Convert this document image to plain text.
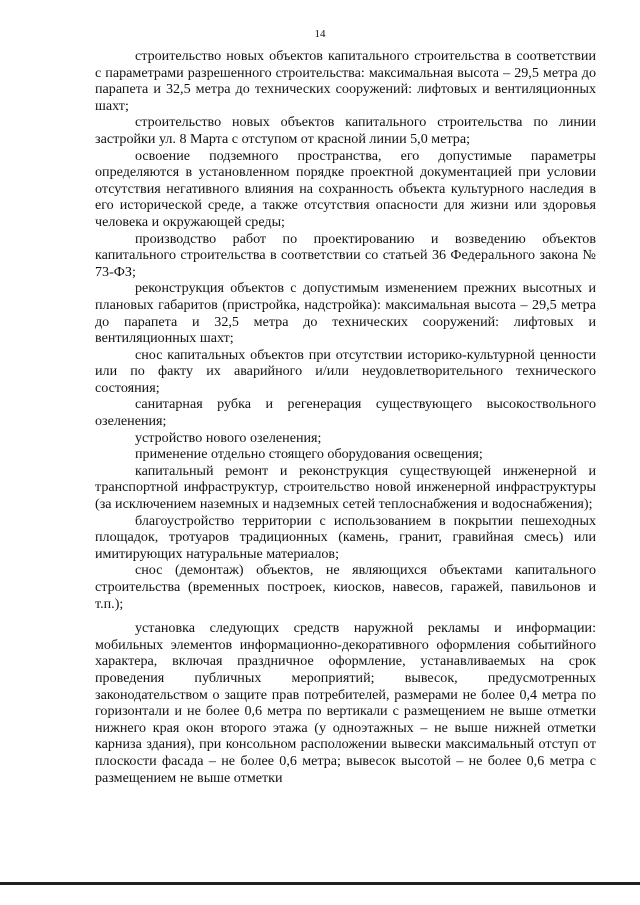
14

строительство новых объектов капитального строительства в соответствии с параметрами разрешенного строительства: максимальная высота – 29,5 метра до парапета и 32,5 метра до технических сооружений: лифтовых и вентиляционных шахт;

строительство новых объектов капитального строительства по линии застройки ул. 8 Марта с отступом от красной линии 5,0 метра;

освоение подземного пространства, его допустимые параметры определяются в установленном порядке проектной документацией при условии отсутствия негативного влияния на сохранность объекта культурного наследия в его исторической среде, а также отсутствия опасности для жизни или здоровья человека и окружающей среды;

производство работ по проектированию и возведению объектов капитального строительства в соответствии со статьей 36 Федерального закона № 73-ФЗ;

реконструкция объектов с допустимым изменением прежних высотных и плановых габаритов (пристройка, надстройка): максимальная высота – 29,5 метра до парапета и 32,5 метра до технических сооружений: лифтовых и вентиляционных шахт;

снос капитальных объектов при отсутствии историко-культурной ценности или по факту их аварийного и/или неудовлетворительного технического состояния;

санитарная рубка и регенерация существующего высокоствольного озеленения;

устройство нового озеленения;

применение отдельно стоящего оборудования освещения;

капитальный ремонт и реконструкция существующей инженерной и транспортной инфраструктур, строительство новой инженерной инфраструктуры (за исключением наземных и надземных сетей теплоснабжения и водоснабжения);

благоустройство территории с использованием в покрытии пешеходных площадок, тротуаров традиционных (камень, гранит, гравийная смесь) или имитирующих натуральные материалов;

снос (демонтаж) объектов, не являющихся объектами капитального строительства (временных построек, киосков, навесов, гаражей, павильонов и т.п.);

установка следующих средств наружной рекламы и информации: мобильных элементов информационно-декоративного оформления событийного характера, включая праздничное оформление, устанавливаемых на срок проведения публичных мероприятий; вывесок, предусмотренных законодательством о защите прав потребителей, размерами не более 0,4 метра по горизонтали и не более 0,6 метра по вертикали с размещением не выше отметки нижнего края окон второго этажа (у одноэтажных – не выше нижней отметки карниза здания), при консольном расположении вывески максимальный отступ от плоскости фасада – не более 0,6 метра; вывесок высотой – не более 0,6 метра с размещением не выше отметки
